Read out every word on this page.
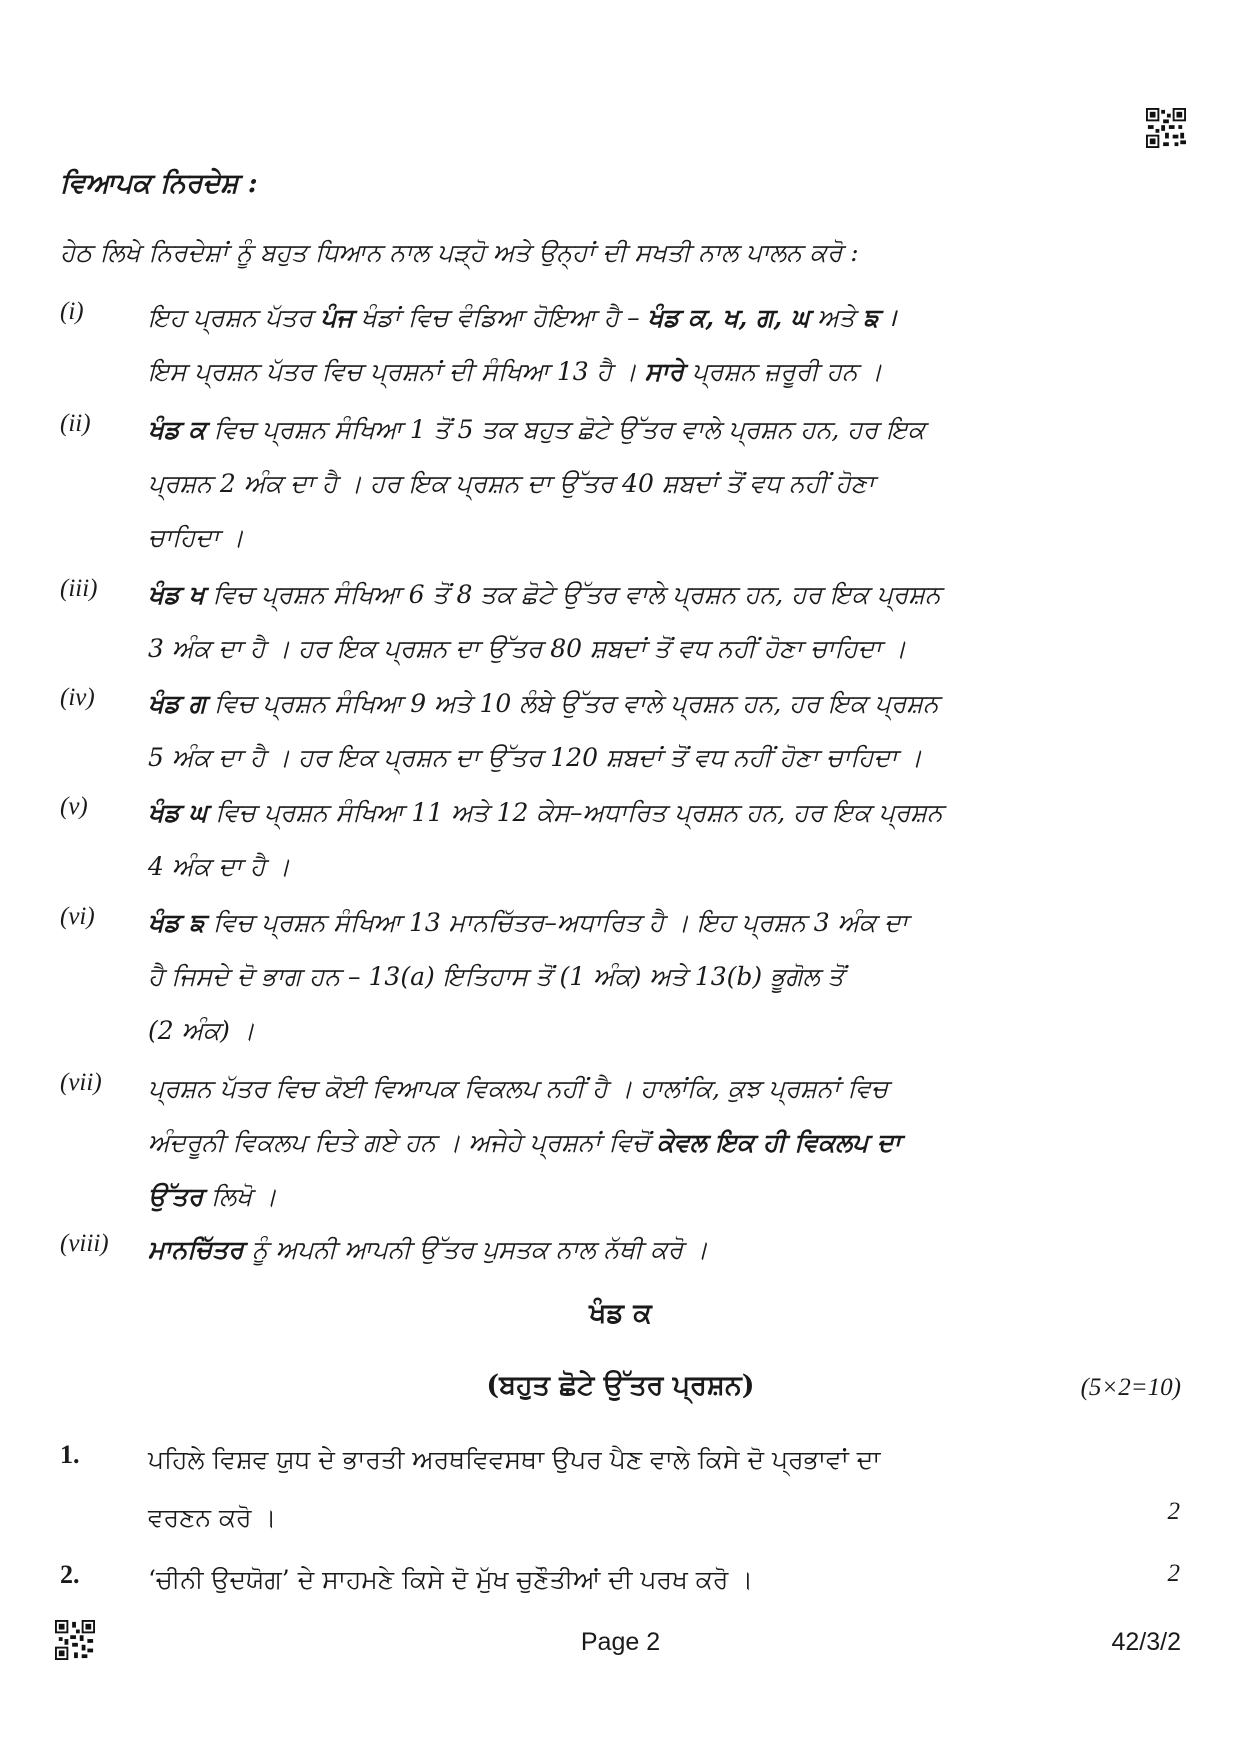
ਵਿਆਪਕ ਨਿਰਦੇਸ਼ :
ਹੇਠ ਲਿਖੇ ਨਿਰਦੇਸ਼ਾਂ ਨੂੰ ਬਹੁਤ ਧਿਆਨ ਨਾਲ ਪੜ੍ਹੋ ਅਤੇ ਉਨ੍ਹਾਂ ਦੀ ਸਖਤੀ ਨਾਲ ਪਾਲਨ ਕਰੋ :
(i)	ਇਹ ਪ੍ਰਸ਼ਨ ਪੱਤਰ ਪੰਜ ਖੰਡਾਂ ਵਿਚ ਵੰਡਿਆ ਹੋਇਆ ਹੈ – ਖੰਡ ਕ, ਖ, ਗ, ਘ ਅਤੇ ਙ ।
ਇਸ ਪ੍ਰਸ਼ਨ ਪੱਤਰ ਵਿਚ ਪ੍ਰਸ਼ਨਾਂ ਦੀ ਸੰਖਿਆ 13 ਹੈ । ਸਾਰੇ ਪ੍ਰਸ਼ਨ ਜ਼ਰੂਰੀ ਹਨ ।
(ii) ਖੰਡ ਕ ਵਿਚ ਪ੍ਰਸ਼ਨ ਸੰਖਿਆ 1 ਤੋਂ 5 ਤਕ ਬਹੁਤ ਛੋਟੇ ਉੱਤਰ ਵਾਲੇ ਪ੍ਰਸ਼ਨ ਹਨ, ਹਰ ਇਕ
ਪ੍ਰਸ਼ਨ 2 ਅੰਕ ਦਾ ਹੈ । ਹਰ ਇਕ ਪ੍ਰਸ਼ਨ ਦਾ ਉੱਤਰ 40 ਸ਼ਬਦਾਂ ਤੋਂ ਵਧ ਨਹੀਂ ਹੋਣਾ
ਚਾਹਿਦਾ ।
(iii) ਖੰਡ ਖ ਵਿਚ ਪ੍ਰਸ਼ਨ ਸੰਖਿਆ 6 ਤੋਂ 8 ਤਕ ਛੋਟੇ ਉੱਤਰ ਵਾਲੇ ਪ੍ਰਸ਼ਨ ਹਨ, ਹਰ ਇਕ ਪ੍ਰਸ਼ਨ
3 ਅੰਕ ਦਾ ਹੈ । ਹਰ ਇਕ ਪ੍ਰਸ਼ਨ ਦਾ ਉੱਤਰ 80 ਸ਼ਬਦਾਂ ਤੋਂ ਵਧ ਨਹੀਂ ਹੋਣਾ ਚਾਹਿਦਾ ।
(iv) ਖੰਡ ਗ ਵਿਚ ਪ੍ਰਸ਼ਨ ਸੰਖਿਆ 9 ਅਤੇ 10 ਲੰਬੇ ਉੱਤਰ ਵਾਲੇ ਪ੍ਰਸ਼ਨ ਹਨ, ਹਰ ਇਕ ਪ੍ਰਸ਼ਨ
5 ਅੰਕ ਦਾ ਹੈ । ਹਰ ਇਕ ਪ੍ਰਸ਼ਨ ਦਾ ਉੱਤਰ 120 ਸ਼ਬਦਾਂ ਤੋਂ ਵਧ ਨਹੀਂ ਹੋਣਾ ਚਾਹਿਦਾ ।
(v) ਖੰਡ ਘ ਵਿਚ ਪ੍ਰਸ਼ਨ ਸੰਖਿਆ 11 ਅਤੇ 12 ਕੇਸ–ਅਧਾਰਿਤ ਪ੍ਰਸ਼ਨ ਹਨ, ਹਰ ਇਕ ਪ੍ਰਸ਼ਨ
4 ਅੰਕ ਦਾ ਹੈ ।
(vi) ਖੰਡ ਙ ਵਿਚ ਪ੍ਰਸ਼ਨ ਸੰਖਿਆ 13 ਮਾਨਚਿੱਤਰ–ਅਧਾਰਿਤ ਹੈ । ਇਹ ਪ੍ਰਸ਼ਨ 3 ਅੰਕ ਦਾ
ਹੈ ਜਿਸਦੇ ਦੋ ਭਾਗ ਹਨ – 13(a) ਇਤਿਹਾਸ ਤੋਂ (1 ਅੰਕ) ਅਤੇ 13(b) ਭੂਗੋਲ ਤੋਂ
(2 ਅੰਕ) ।
(vii) ਪ੍ਰਸ਼ਨ ਪੱਤਰ ਵਿਚ ਕੋਈ ਵਿਆਪਕ ਵਿਕਲਪ ਨਹੀਂ ਹੈ । ਹਾਲਾਂਕਿ, ਕੁਝ ਪ੍ਰਸ਼ਨਾਂ ਵਿਚ
ਅੰਦਰੂਨੀ ਵਿਕਲਪ ਦਿਤੇ ਗਏ ਹਨ । ਅਜੇਹੇ ਪ੍ਰਸ਼ਨਾਂ ਵਿਚੋਂ ਕੇਵਲ ਇਕ ਹੀ ਵਿਕਲਪ ਦਾ
ਉੱਤਰ ਲਿਖੋ ।
(viii) ਮਾਨਚਿੱਤਰ ਨੂੰ ਅਪਨੀ ਆਪਨੀ ਉੱਤਰ ਪੁਸਤਕ ਨਾਲ ਨੱਥੀ ਕਰੋ ।
ਖੰਡ ਕ
(ਬਹੁਤ ਛੋਟੇ ਉੱਤਰ ਪ੍ਰਸ਼ਨ)	(5×2=10)
1.	ਪਹਿਲੇ ਵਿਸ਼ਵ ਯੁਧ ਦੇ ਭਾਰਤੀ ਅਰਥਵਿਵਸਥਾ ਉਪਰ ਪੈਣ ਵਾਲੇ ਕਿਸੇ ਦੋ ਪ੍ਰਭਾਵਾਂ ਦਾ
ਵਰਣਨ ਕਰੋ ।	2
2.	‘ਚੀਨੀ ਉਦਯੋਗ’ ਦੇ ਸਾਹਮਣੇ ਕਿਸੇ ਦੋ ਮੁੱਖ ਚੁਣੌਤੀਆਂ ਦੀ ਪਰਖ ਕਰੋ ।	2
Page 2	42/3/2
